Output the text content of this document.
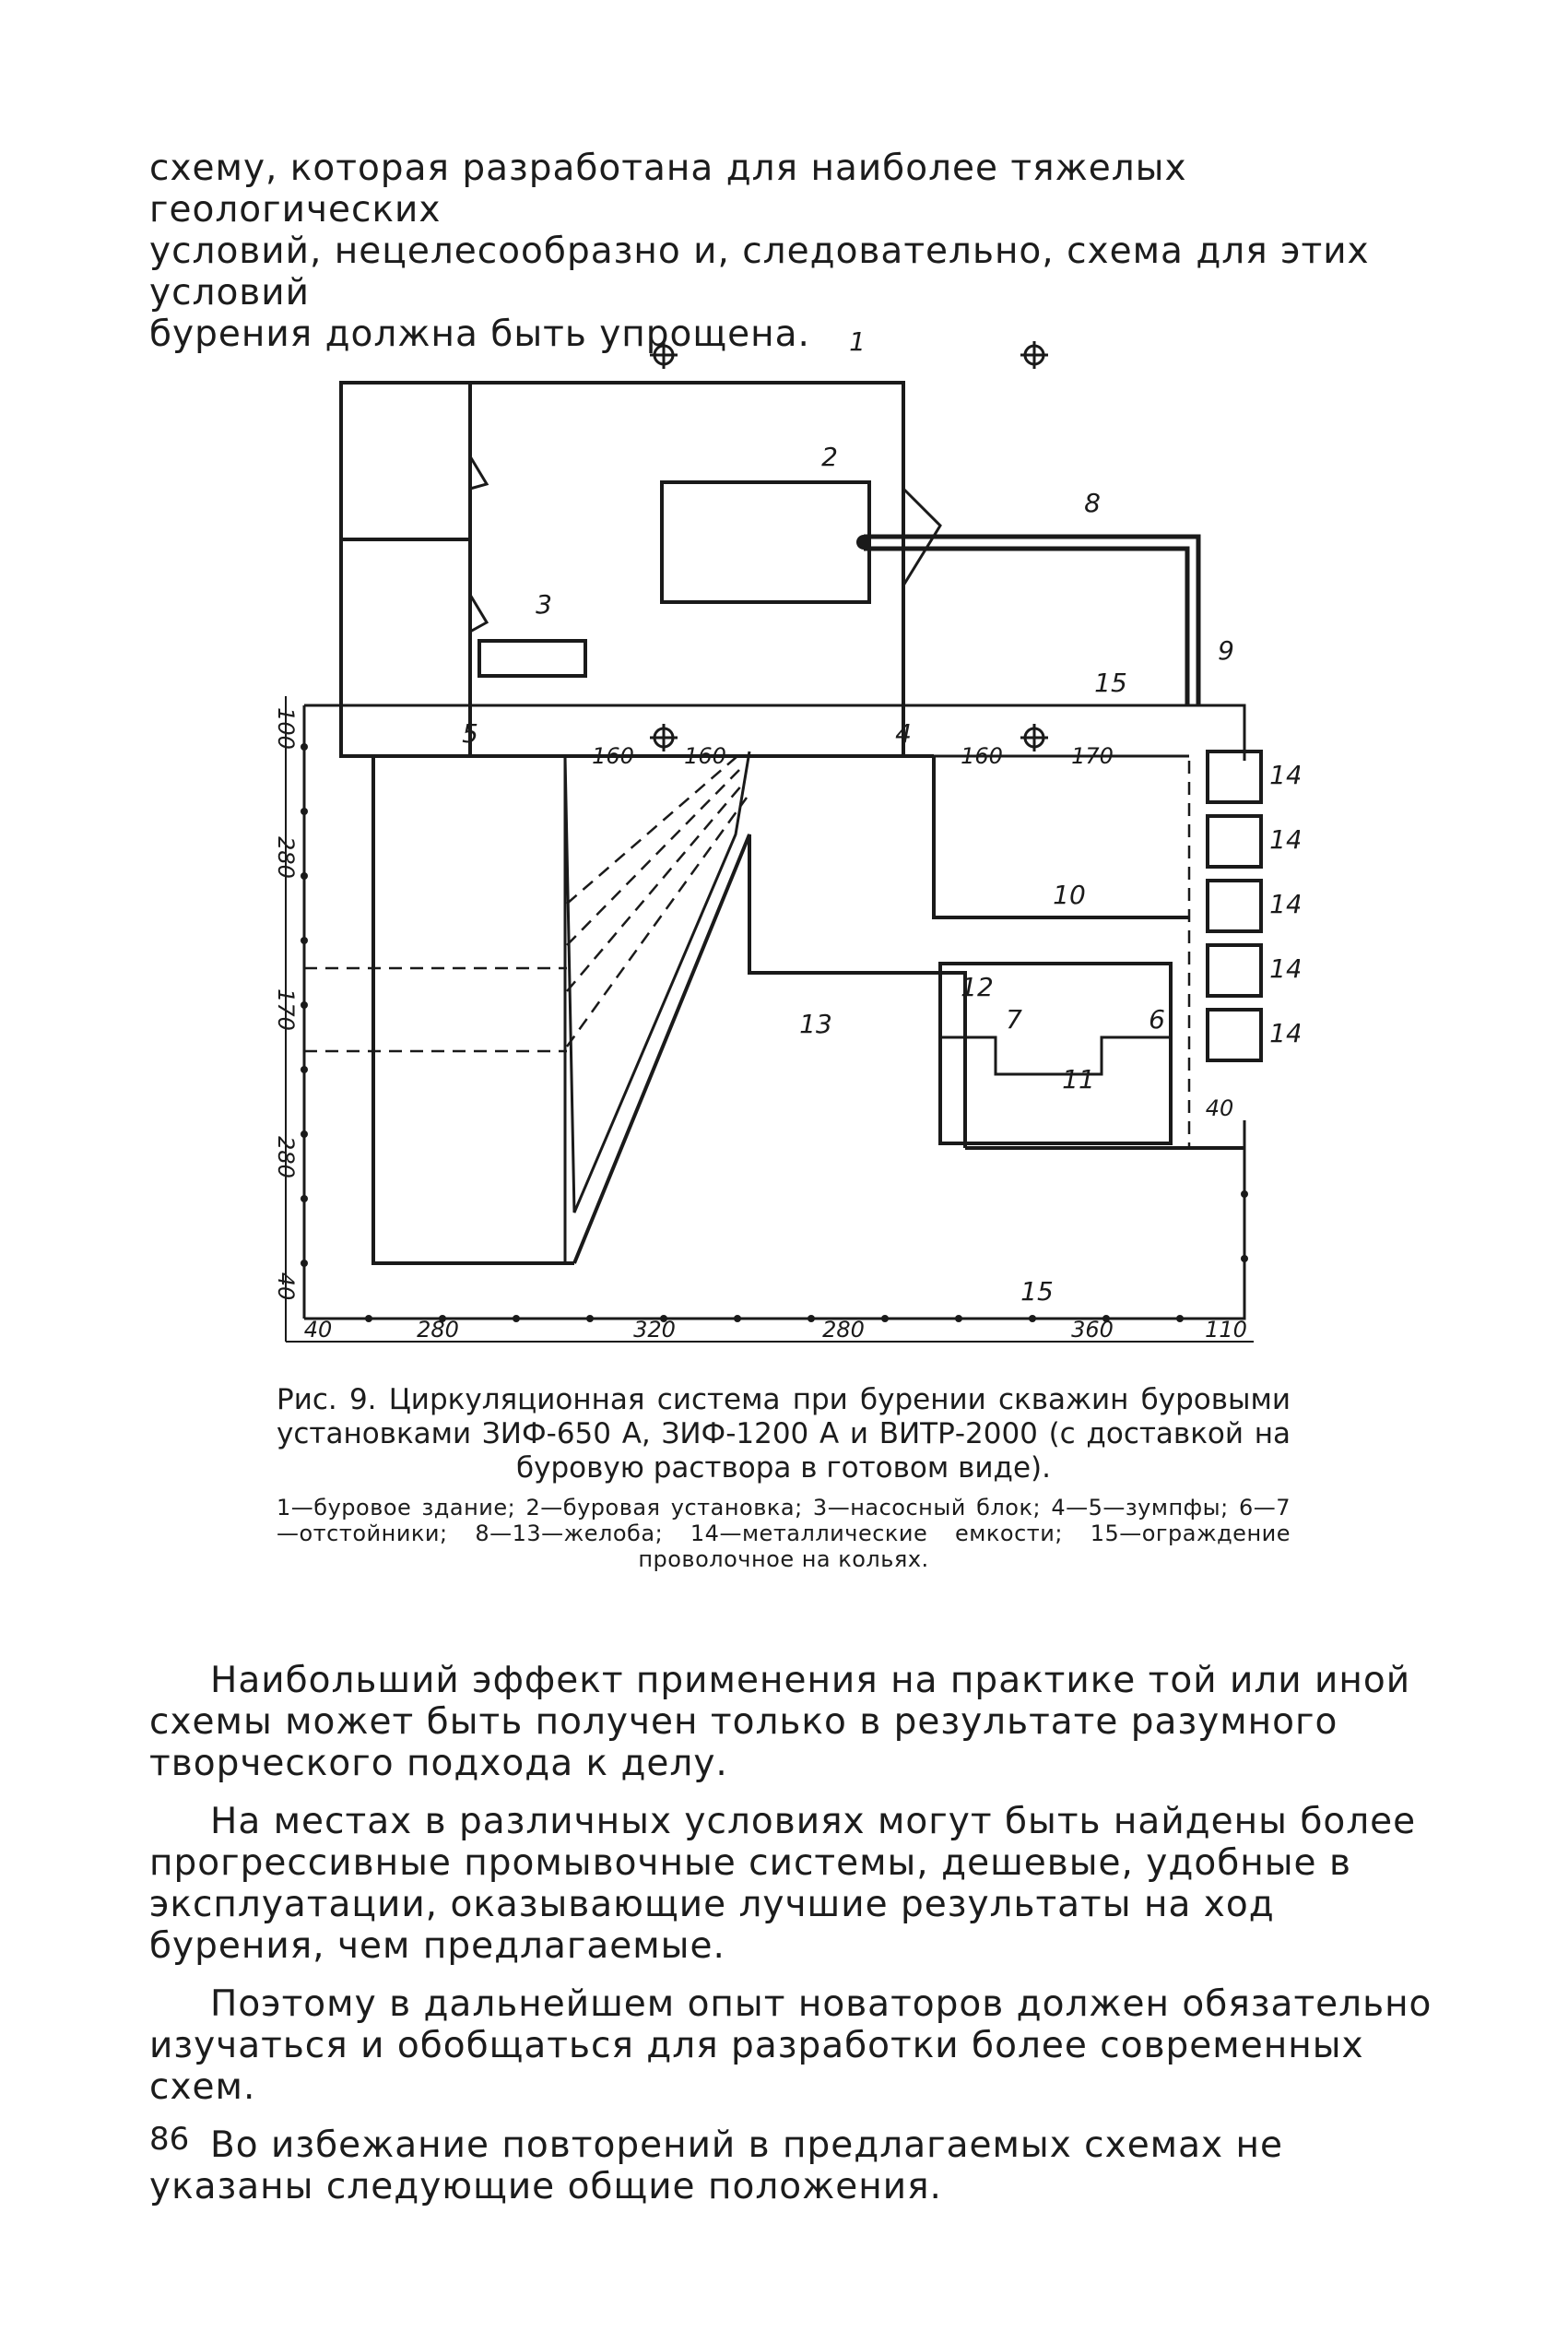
схему, которая разработана для наиболее тяжелых геологических

условий, нецелесообразно и, следовательно, схема для этих условий

бурения должна быть упрощена.	1
2
3
4
5
6
7
8
9
10
11
12
13
15
15
14
14
14
14
14
160 160	160	170
40	280	320	280	360	110
40
100
280
170
280
40

Рис. 9. Циркуляционная система при бурении скважин буровыми установками ЗИФ-650 А, ЗИФ-1200 А и ВИТР-2000 (с доставкой на буровую раствора в готовом виде).

1—буровое здание; 2—буровая установка; 3—насосный блок; 4—5—зумпфы; 6—7—отстойники; 8—13—желоба; 14—металлические емкости; 15—ограждение проволочное на кольях.

Наибольший эффект применения на практике той или иной схемы может быть получен только в результате разумного творческого подхода к делу.

На местах в различных условиях могут быть найдены более прогрессивные промывочные системы, дешевые, удобные в эксплуатации, оказывающие лучшие результаты на ход бурения, чем предлагаемые.

Поэтому в дальнейшем опыт новаторов должен обязательно изучаться и обобщаться для разработки более современных схем.

Во избежание повторений в предлагаемых схемах не указаны следующие общие положения.

86
